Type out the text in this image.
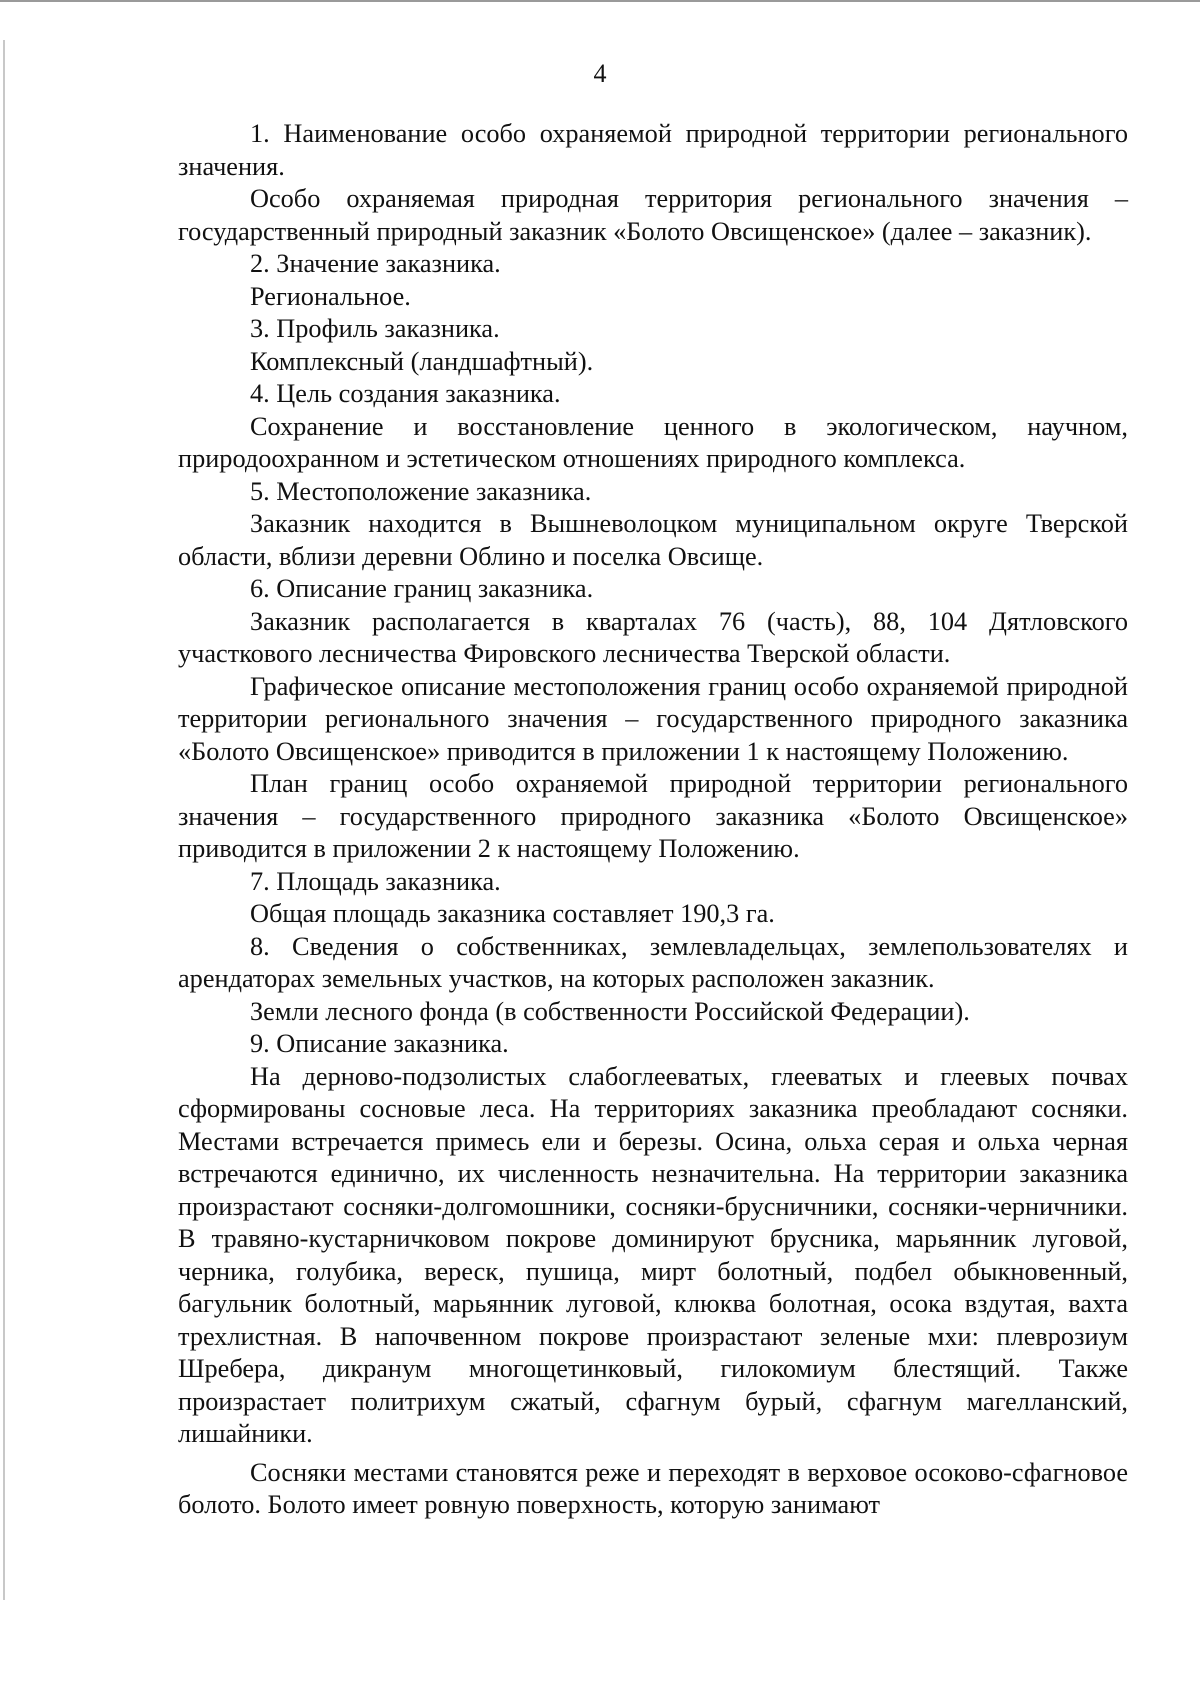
4

1. Наименование особо охраняемой природной территории регионального значения.

Особо охраняемая природная территория регионального значения – государственный природный заказник «Болото Овсищенское» (далее – заказник).

2. Значение заказника.

Региональное.

3. Профиль заказника.

Комплексный (ландшафтный).

4. Цель создания заказника.

Сохранение и восстановление ценного в экологическом, научном, природоохранном и эстетическом отношениях природного комплекса.

5. Местоположение заказника.

Заказник находится в Вышневолоцком муниципальном округе Тверской области, вблизи деревни Облино и поселка Овсище.

6. Описание границ заказника.

Заказник располагается в кварталах 76 (часть), 88, 104 Дятловского участкового лесничества Фировского лесничества Тверской области.

Графическое описание местоположения границ особо охраняемой природной территории регионального значения – государственного природного заказника «Болото Овсищенское» приводится в приложении 1 к настоящему Положению.

План границ особо охраняемой природной территории регионального значения – государственного природного заказника «Болото Овсищенское» приводится в приложении 2 к настоящему Положению.

7. Площадь заказника.

Общая площадь заказника составляет 190,3 га.

8. Сведения о собственниках, землевладельцах, землепользователях и арендаторах земельных участков, на которых расположен заказник.

Земли лесного фонда (в собственности Российской Федерации).

9. Описание заказника.

На дерново-подзолистых слабоглееватых, глееватых и глеевых почвах сформированы сосновые леса. На территориях заказника преобладают сосняки. Местами встречается примесь ели и березы. Осина, ольха серая и ольха черная встречаются единично, их численность незначительна. На территории заказника произрастают сосняки-долгомошники, сосняки-брусничники, сосняки-черничники. В травяно-кустарничковом покрове доминируют брусника, марьянник луговой, черника, голубика, вереск, пушица, мирт болотный, подбел обыкновенный, багульник болотный, марьянник луговой, клюква болотная, осока вздутая, вахта трехлистная. В напочвенном покрове произрастают зеленые мхи: плеврозиум Шребера, дикранум многощетинковый, гилокомиум блестящий. Также произрастает политрихум сжатый, сфагнум бурый, сфагнум магелланский, лишайники.

Сосняки местами становятся реже и переходят в верховое осоково-сфагновое болото. Болото имеет ровную поверхность, которую занимают
